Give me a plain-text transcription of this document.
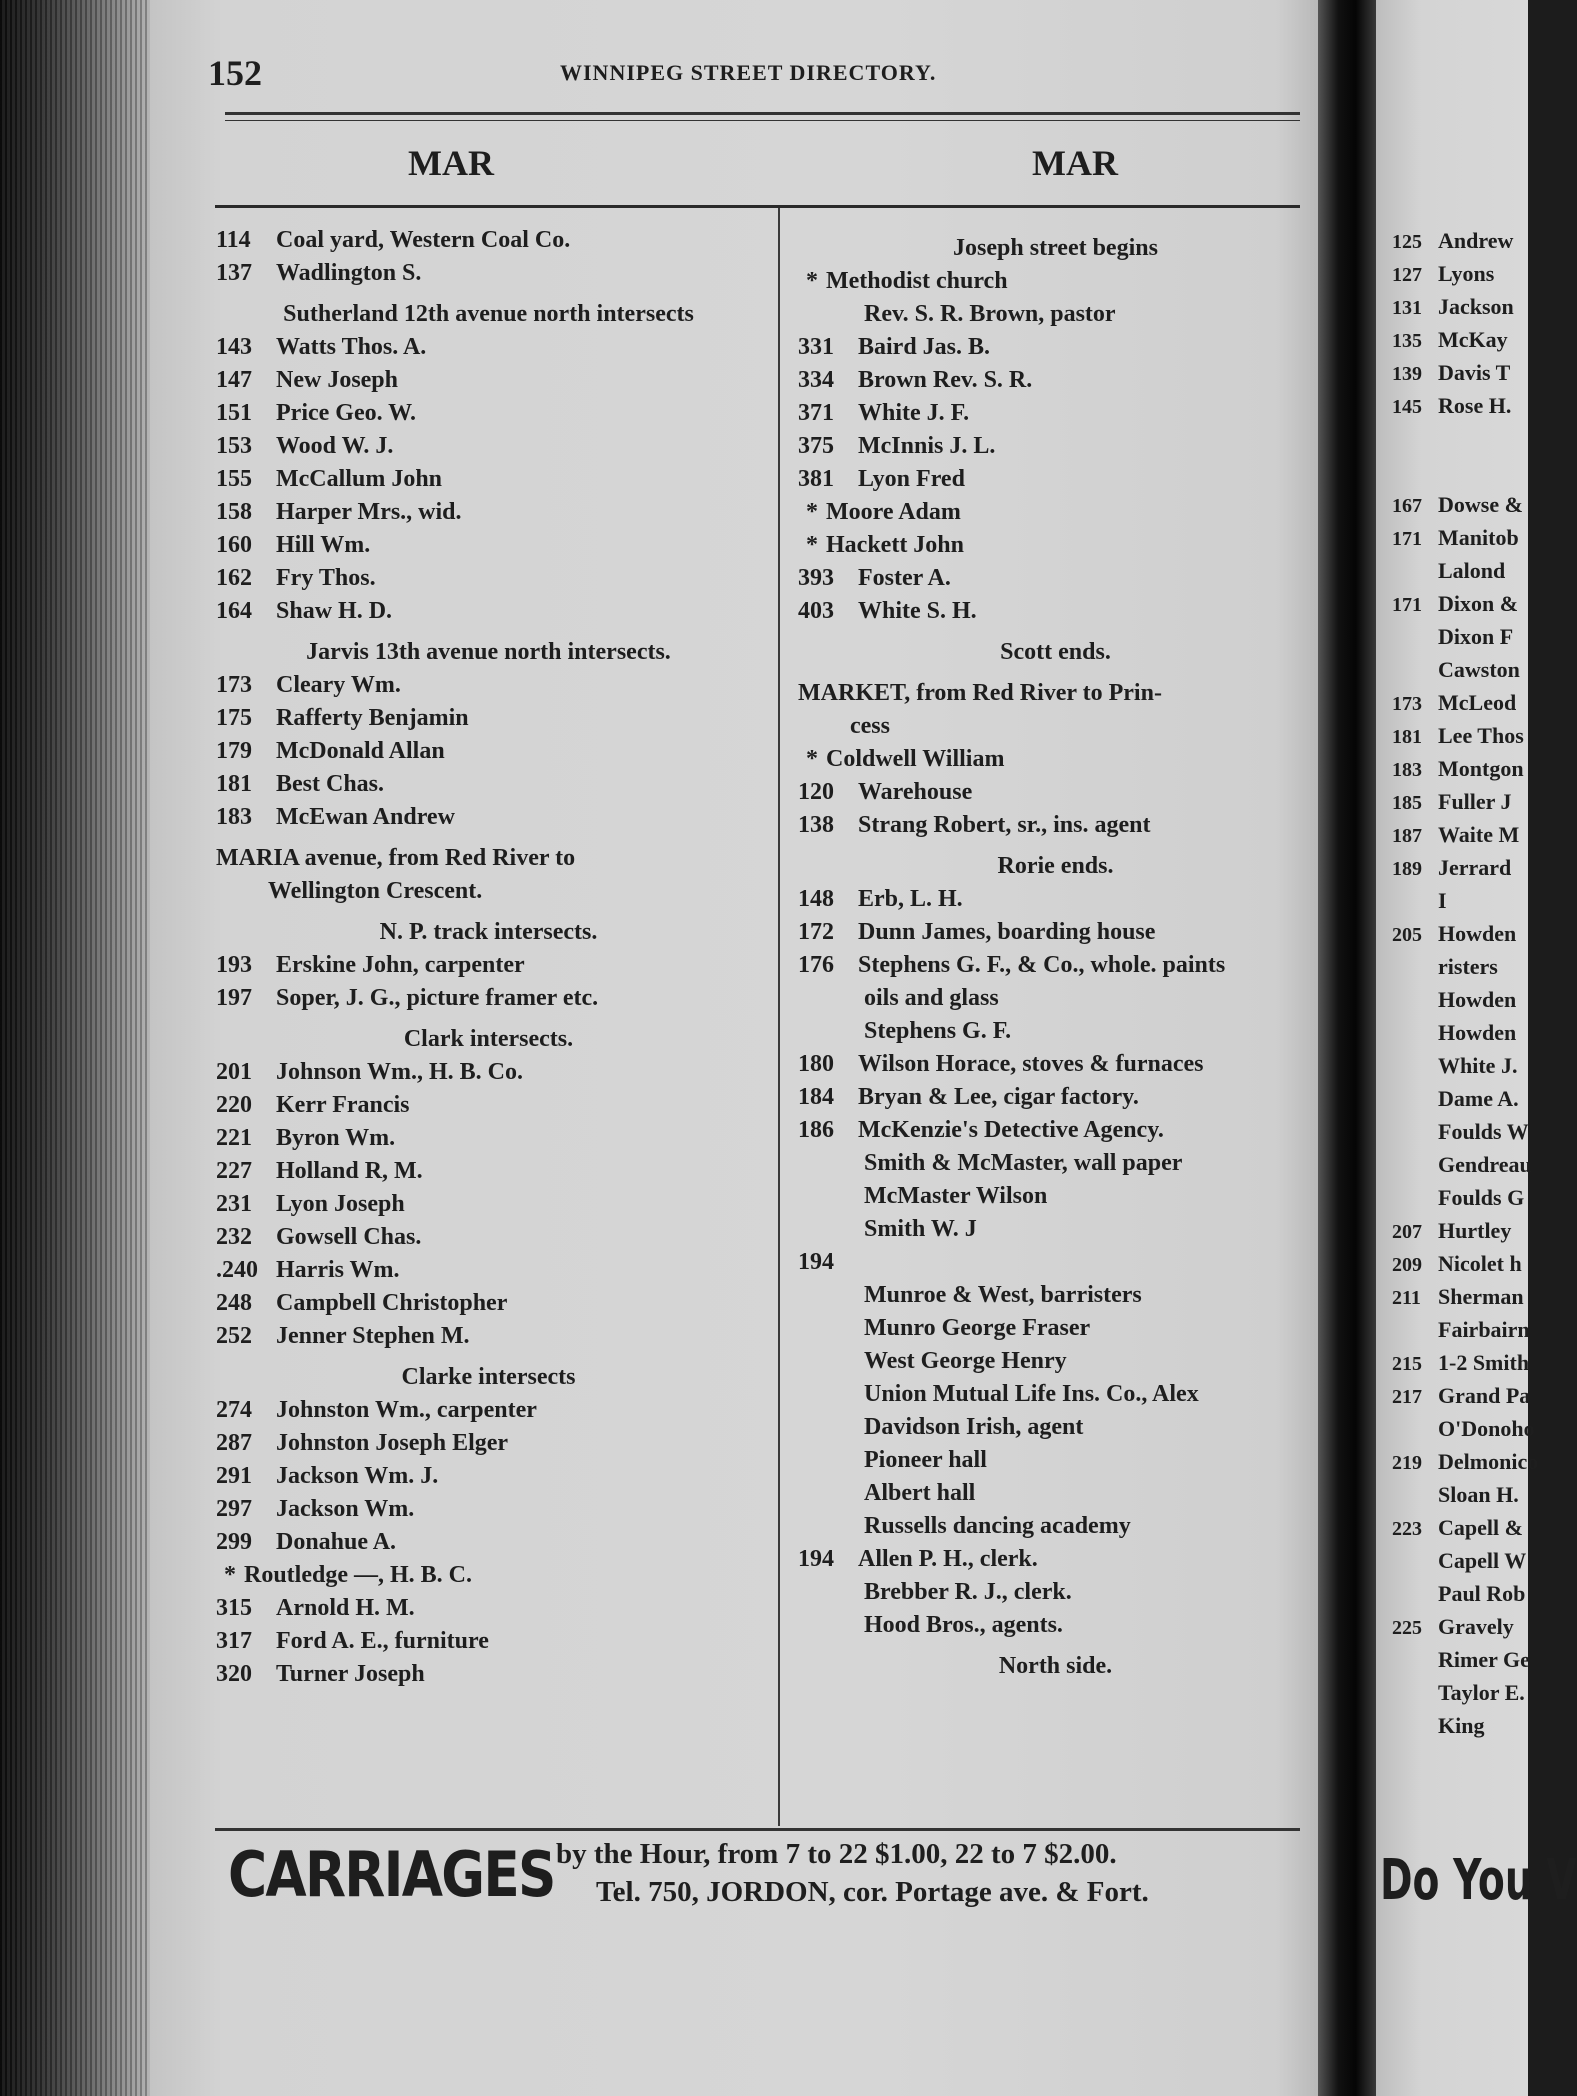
152	WINNIPEG STREET DIRECTORY.
MAR	MAR
114 Coal yard, Western Coal Co.
137 Wadlington S.
Sutherland 12th avenue north intersects
143 Watts Thos. A.
147 New Joseph
151 Price Geo. W.
153 Wood W. J.
155 McCallum John
158 Harper Mrs., wid.
160 Hill Wm.
162 Fry Thos.
164 Shaw H. D.
Jarvis 13th avenue north intersects.
173 Cleary Wm.
175 Rafferty Benjamin
179 McDonald Allan
181 Best Chas.
183 McEwan Andrew
MARIA avenue, from Red River to
Wellington Crescent.
N. P. track intersects.
193 Erskine John, carpenter
197 Soper, J. G., picture framer etc.
Clark intersects.
201 Johnson Wm., H. B. Co.
220 Kerr Francis
221 Byron Wm.
227 Holland R, M.
231 Lyon Joseph
232 Gowsell Chas.
.240 Harris Wm.
248 Campbell Christopher
252 Jenner Stephen M.
Clarke intersects
274 Johnston Wm., carpenter
287 Johnston Joseph Elger
291 Jackson Wm. J.
297 Jackson Wm.
299 Donahue A.
* Routledge —, H. B. C.
315 Arnold H. M.
317 Ford A. E., furniture
320 Turner Joseph
Joseph street begins
* Methodist church
Rev. S. R. Brown, pastor
331 Baird Jas. B.
334 Brown Rev. S. R.
371 White J. F.
375 McInnis J. L.
381 Lyon Fred
* Moore Adam
* Hackett John
393 Foster A.
403 White S. H.
Scott ends.
MARKET, from Red River to Prin-
cess
* Coldwell William
120 Warehouse
138 Strang Robert, sr., ins. agent
Rorie ends.
148 Erb, L. H.
172 Dunn James, boarding house
176 Stephens G. F., & Co., whole. paints
oils and glass
Stephens G. F.
180 Wilson Horace, stoves & furnaces
184 Bryan & Lee, cigar factory.
186 McKenzie's Detective Agency.
Smith & McMaster, wall paper
McMaster Wilson
Smith W. J
194
Munroe & West, barristers
Munro George Fraser
West George Henry
Union Mutual Life Ins. Co., Alex
Davidson Irish, agent
Pioneer hall
Albert hall
Russells dancing academy
194 Allen P. H., clerk.
Brebber R. J., clerk.
Hood Bros., agents.
North side.
CARRIAGES by the Hour, from 7 to 22 $1.00, 22 to 7 $2.00.
Tel. 750, JORDON, cor. Portage ave. & Fort.
125 Andrew
127 Lyons
131 Jackson
135 McKay
139 Davis T
145 Rose H.
167 Dowse &
171 Manitob
Lalond
171 Dixon &
Dixon F
Cawston
173 McLeod
181 Lee Thos
183 Montgon
185 Fuller J
187 Waite M
189 Jerrard
I
205 Howden
risters
Howden
Howden
White J.
Dame A.
Foulds W
Gendreau
Foulds G
207 Hurtley
209 Nicolet h
211 Sherman
Fairbairn
215 1-2 Smith
217 Grand Pa
O'Donoho
219 Delmonico
Sloan H.
223 Capell &
Capell W
Paul Rob
225 Gravely
Rimer Ge
Taylor E.
King
Do You V
